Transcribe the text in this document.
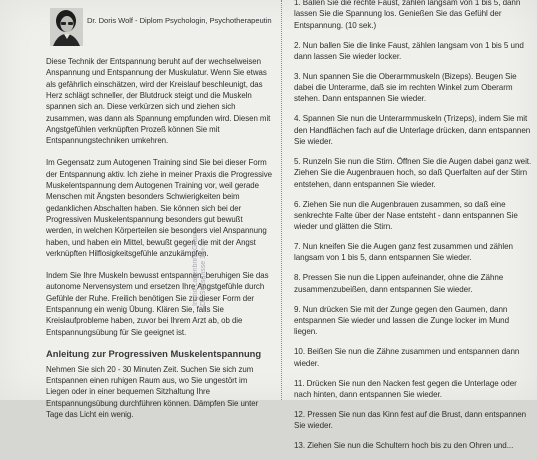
Dr. Doris Wolf - Diplom Psychologin, Psychotherapeutin

Diese Technik der Entspannung beruht auf der wechselweisen Anspannung und Entspannung der Muskulatur. Wenn Sie etwas als gefährlich einschätzen, wird der Kreislauf beschleunigt, das Herz schlägt schneller, der Blutdruck steigt und die Muskeln spannen sich an. Diese verkürzen sich und ziehen sich zusammen, was dann als Spannung empfunden wird. Diesen mit Angstgefühlen verknüpften Prozeß können Sie mit Entspannungstechniken umkehren.

Im Gegensatz zum Autogenen Training sind Sie bei dieser Form der Entspannung aktiv. Ich ziehe in meiner Praxis die Progressive Muskelentspannung dem Autogenen Training vor, weil gerade Menschen mit Ängsten besonders Schwierigkeiten beim gedanklichen Abschalten haben. Sie können sich bei der Progressiven Muskelentspannung besonders gut bewußt werden, in welchen Körperteilen sie besonders viel Anspannung haben, und haben ein Mittel, bewußt gegen die mit der Angst verknüpften Hilflosigkeitsgefühle anzukämpfen.

Indem Sie Ihre Muskeln bewusst entspannen, beruhigen Sie das autonome Nervensystem und ersetzen Ihre Angstgefühle durch Gefühle der Ruhe. Freilich benötigen Sie zu dieser Form der Entspannung ein wenig Übung. Klären Sie, falls Sie Kreislaufprobleme haben, zuvor bei Ihrem Arzt ab, ob die Entspannungsübung für Sie geeignet ist.

Anleitung zur Progressiven Muskelentspannung

Nehmen Sie sich 20 - 30 Minuten Zeit. Suchen Sie sich zum Entspannen einen ruhigen Raum aus, wo Sie ungestört im Liegen oder in einer bequemen Sitzhaltung Ihre Entspannungsübung durchführen können. Dämpfen Sie unter Tage das Licht ein wenig.

Ingrid Lakenbrink-Grauel Dr. Stiftsgasse 10+1

1. Ballen Sie die rechte Faust, zählen langsam von 1 bis 5, dann lassen Sie die Spannung los. Genießen Sie das Gefühl der Entspannung. (10 sek.)

2. Nun ballen Sie die linke Faust, zählen langsam von 1 bis 5 und dann lassen Sie wieder locker.

3. Nun spannen Sie die Oberarmmuskeln (Bizeps). Beugen Sie dabei die Unterarme, daß sie im rechten Winkel zum Oberarm stehen. Dann entspannen Sie wieder.

4. Spannen Sie nun die Unterarmmuskeln (Trizeps), indem Sie mit den Handflächen fach auf die Unterlage drücken, dann entspannen Sie wieder.

5. Runzeln Sie nun die Stirn. Öffnen Sie die Augen dabei ganz weit. Ziehen Sie die Augenbrauen hoch, so daß Querfalten auf der Stirn entstehen, dann entspannen Sie wieder.

6. Ziehen Sie nun die Augenbrauen zusammen, so daß eine senkrechte Falte über der Nase entsteht - dann entspannen Sie wieder und glätten die Stirn.

7. Nun kneifen Sie die Augen ganz fest zusammen und zählen langsam von 1 bis 5, dann entspannen Sie wieder.

8. Pressen Sie nun die Lippen aufeinander, ohne die Zähne zusammenzubeißen, dann entspannen Sie wieder.

9. Nun drücken Sie mit der Zunge gegen den Gaumen, dann entspannen Sie wieder und lassen die Zunge locker im Mund liegen.

10. Beißen Sie nun die Zähne zusammen und entspannen dann wieder.

11. Drücken Sie nun den Nacken fest gegen die Unterlage oder nach hinten, dann entspannen Sie wieder.

12. Pressen Sie nun das Kinn fest auf die Brust, dann entspannen Sie wieder.

13. Ziehen Sie nun die Schultern hoch bis zu den Ohren und...
